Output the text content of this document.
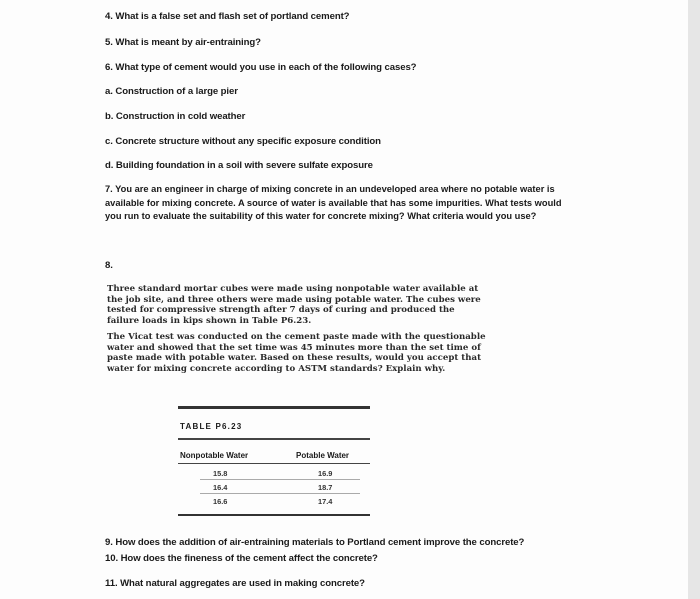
4. What is a false set and flash set of portland cement?
5. What is meant by air-entraining?
6. What type of cement would you use in each of the following cases?
a. Construction of a large pier
b. Construction in cold weather
c. Concrete structure without any specific exposure condition
d. Building foundation in a soil with severe sulfate exposure
7. You are an engineer in charge of mixing concrete in an undeveloped area where no potable water is available for mixing concrete. A source of water is available that has some impurities. What tests would you run to evaluate the suitability of this water for concrete mixing? What criteria would you use?
8.
Three standard mortar cubes were made using nonpotable water available at the job site, and three others were made using potable water. The cubes were tested for compressive strength after 7 days of curing and produced the failure loads in kips shown in Table P6.23.
The Vicat test was conducted on the cement paste made with the questionable water and showed that the set time was 45 minutes more than the set time of paste made with potable water. Based on these results, would you accept that water for mixing concrete according to ASTM standards? Explain why.
TABLE P6.23
Nonpotable Water	Potable Water
15.8	16.9
16.4	18.7
16.6	17.4
9. How does the addition of air-entraining materials to Portland cement improve the concrete?
10. How does the fineness of the cement affect the concrete?
11. What natural aggregates are used in making concrete?
